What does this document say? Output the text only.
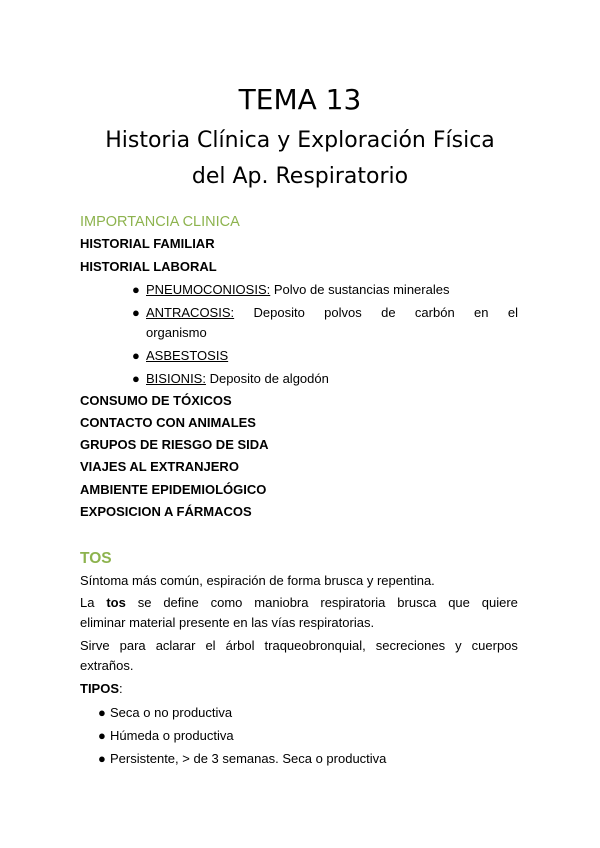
TEMA 13
Historia Clínica y Exploración Física
del Ap. Respiratorio
IMPORTANCIA CLINICA
HISTORIAL FAMILIAR
HISTORIAL LABORAL
● PNEUMOCONIOSIS: Polvo de sustancias minerales
● ANTRACOSIS: Deposito polvos de carbón en el
organismo
● ASBESTOSIS
● BISIONIS: Deposito de algodón
CONSUMO DE TÓXICOS
CONTACTO CON ANIMALES
GRUPOS DE RIESGO DE SIDA
VIAJES AL EXTRANJERO
AMBIENTE EPIDEMIOLÓGICO
EXPOSICION A FÁRMACOS
TOS
Síntoma más común, espiración de forma brusca y repentina.
La tos se define como maniobra respiratoria brusca que quiere
eliminar material presente en las vías respiratorias.
Sirve para aclarar el árbol traqueobronquial, secreciones y cuerpos
extraños.
TIPOS:
● Seca o no productiva
● Húmeda o productiva
● Persistente, > de 3 semanas. Seca o productiva
